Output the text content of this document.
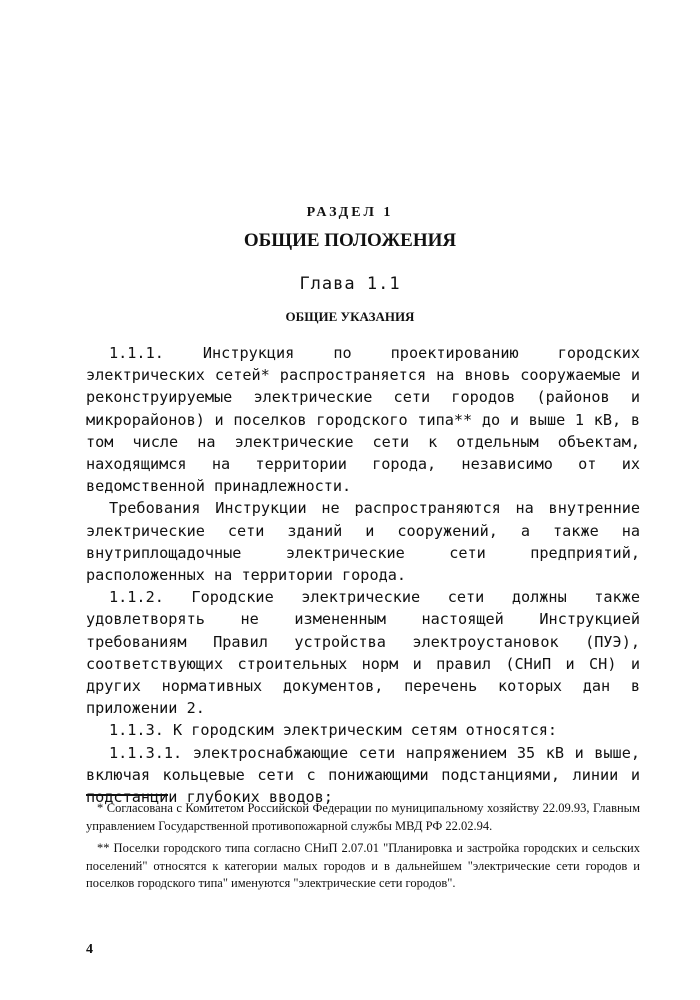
РАЗДЕЛ 1
ОБЩИЕ ПОЛОЖЕНИЯ
Глава 1.1
ОБЩИЕ УКАЗАНИЯ

1.1.1. Инструкция по проектированию городских электрических сетей* распространяется на вновь сооружаемые и реконструируемые электрические сети городов (районов и микрорайонов) и поселков городского типа** до и выше 1 кВ, в том числе на электрические сети к отдельным объектам, находящимся на территории города, независимо от их ведомственной принадлежности.

Требования Инструкции не распространяются на внутренние электрические сети зданий и сооружений, а также на внутриплощадочные электрические сети предприятий, расположенных на территории города.

1.1.2. Городские электрические сети должны также удовлетворять не измененным настоящей Инструкцией требованиям Правил устройства электроустановок (ПУЭ), соответствующих строительных норм и правил (СНиП и СН) и других нормативных документов, перечень которых дан в приложении 2.

1.1.3. К городским электрическим сетям относятся:

1.1.3.1. электроснабжающие сети напряжением 35 кВ и выше, включая кольцевые сети с понижающими подстанциями, линии и подстанции глубоких вводов;

* Согласована с Комитетом Российской Федерации по муниципальному хозяйству 22.09.93, Главным управлением Государственной противопожарной службы МВД РФ 22.02.94.

** Поселки городского типа согласно СНиП 2.07.01 "Планировка и застройка городских и сельских поселений" относятся к категории малых городов и в дальнейшем "электрические сети городов и поселков городского типа" именуются "электрические сети городов".

4
